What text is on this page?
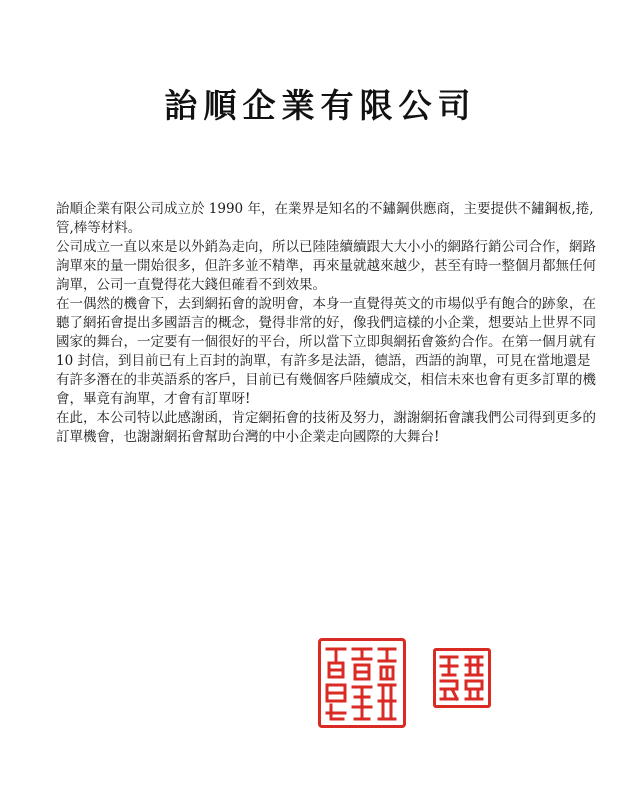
詒順企業有限公司

詒順企業有限公司成立於 1990 年，在業界是知名的不鏽鋼供應商，主要提供不鏽鋼板,捲,管,棒等材料。

公司成立一直以來是以外銷為走向，所以已陸陸續續跟大大小小的網路行銷公司合作，網路詢單來的量一開始很多，但許多並不精準，再來量就越來越少，甚至有時一整個月都無任何詢單，公司一直覺得花大錢但確看不到效果。

在一偶然的機會下，去到網拓會的說明會，本身一直覺得英文的市場似乎有飽合的跡象，在聽了網拓會提出多國語言的概念，覺得非常的好，像我們這樣的小企業，想要站上世界不同國家的舞台，一定要有一個很好的平台，所以當下立即與網拓會簽約合作。在第一個月就有 10 封信，到目前已有上百封的詢單，有許多是法語，德語，西語的詢單，可見在當地還是有許多潛在的非英語系的客戶，目前已有幾個客戶陸續成交，相信未來也會有更多訂單的機會，畢竟有詢單，才會有訂單呀!

在此，本公司特以此感謝函，肯定網拓會的技術及努力，謝謝網拓會讓我們公司得到更多的訂單機會，也謝謝網拓會幫助台灣的中小企業走向國際的大舞台!
